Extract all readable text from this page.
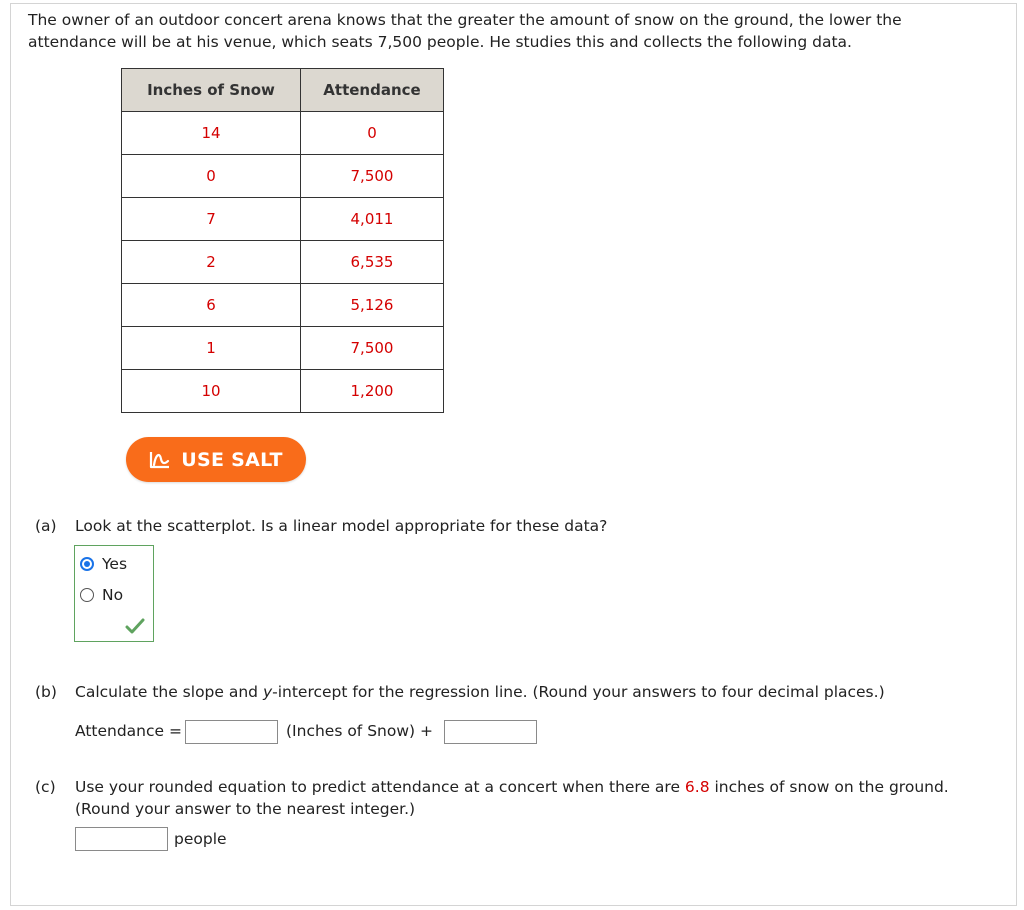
The owner of an outdoor concert arena knows that the greater the amount of snow on the ground, the lower the attendance will be at his venue, which seats 7,500 people. He studies this and collects the following data.
Inches of Snow	Attendance
14	0
0	7,500
7	4,011
2	6,535
6	5,126
1	7,500
10	1,200
USE SALT
(a) Look at the scatterplot. Is a linear model appropriate for these data?
Yes
No
(b) Calculate the slope and y-intercept for the regression line. (Round your answers to four decimal places.)
Attendance =	(Inches of Snow) +
(c) Use your rounded equation to predict attendance at a concert when there are 6.8 inches of snow on the ground.
(Round your answer to the nearest integer.)
people
